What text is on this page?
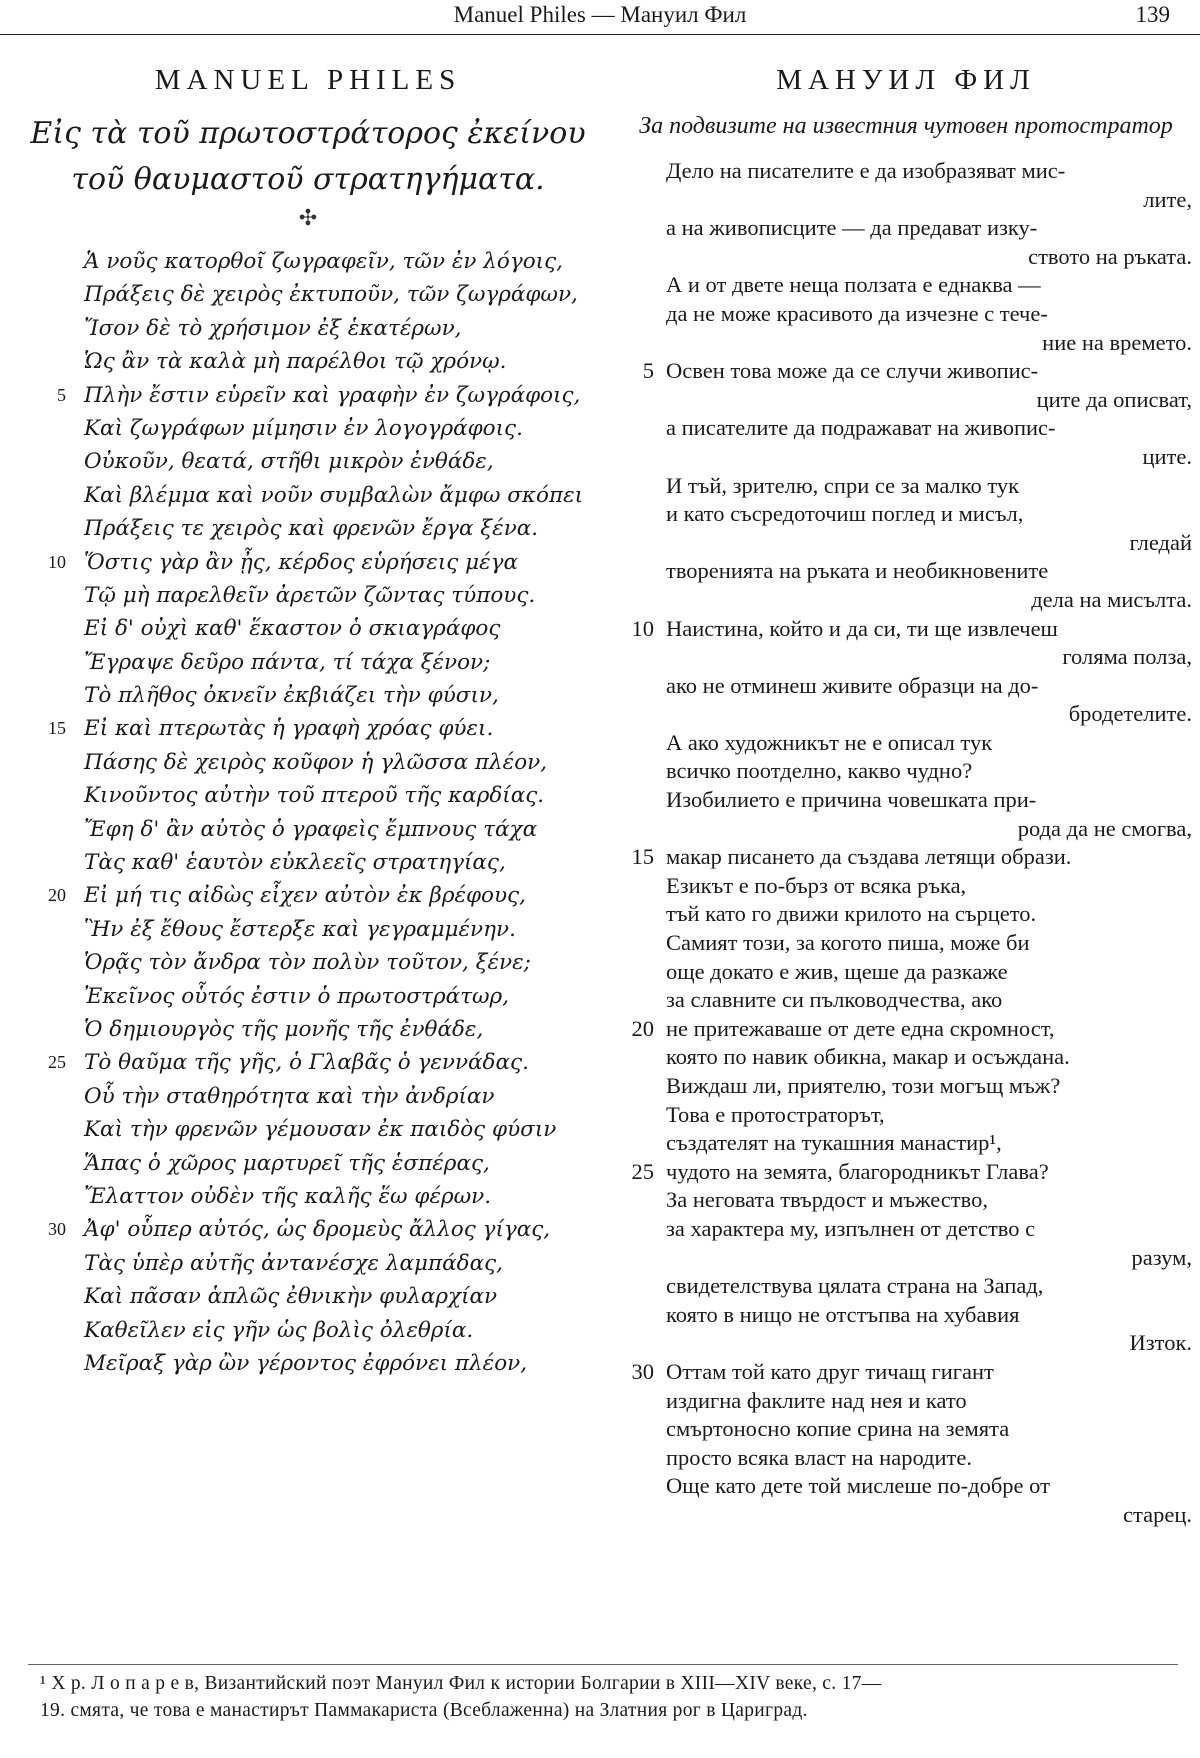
Manuel Philes — Мануил Фил	139
MANUEL PHILES
Εἰς τὰ τοῦ πρωτοστράτορος ἐκείνου
τοῦ θαυμαστοῦ στρατηγήματα.
✣
Ἁ νοῦς κατορθοῖ ζωγραφεῖν, τῶν ἐν λόγοις,
Πράξεις δὲ χειρὸς ἐκτυποῦν, τῶν ζωγράφων,
Ἴσον δὲ τὸ χρήσιμον ἐξ ἑκατέρων,
Ὡς ἂν τὰ καλὰ μὴ παρέλθοι τῷ χρόνῳ.
5 Πλὴν ἔστιν εὑρεῖν καὶ γραφὴν ἐν ζωγράφοις,
Καὶ ζωγράφων μίμησιν ἐν λογογράφοις.
Οὐκοῦν, θεατά, στῆθι μικρὸν ἐνθάδε,
Καὶ βλέμμα καὶ νοῦν συμβαλὼν ἄμφω σκόπει
Πράξεις τε χειρὸς καὶ φρενῶν ἔργα ξένα.
10 Ὅστις γὰρ ἂν ᾖς, κέρδος εὑρήσεις μέγα
Τῷ μὴ παρελθεῖν ἀρετῶν ζῶντας τύπους.
Εἰ δ' οὐχὶ καθ' ἕκαστον ὁ σκιαγράφος
Ἔγραψε δεῦρο πάντα, τί τάχα ξένον;
Τὸ πλῆθος ὀκνεῖν ἐκβιάζει τὴν φύσιν,
15 Εἰ καὶ πτερωτὰς ἡ γραφὴ χρόας φύει.
Πάσης δὲ χειρὸς κοῦφον ἡ γλῶσσα πλέον,
Κινοῦντος αὐτὴν τοῦ πτεροῦ τῆς καρδίας.
Ἔφη δ' ἂν αὐτὸς ὁ γραφεὶς ἔμπνους τάχα
Τὰς καθ' ἑαυτὸν εὐκλεεῖς στρατηγίας,
20 Εἰ μή τις αἰδὼς εἶχεν αὐτὸν ἐκ βρέφους,
Ἣν ἐξ ἔθους ἔστερξε καὶ γεγραμμένην.
Ὁρᾷς τὸν ἄνδρα τὸν πολὺν τοῦτον, ξένε;
Ἐκεῖνος οὗτός ἐστιν ὁ πρωτοστράτωρ,
Ὁ δημιουργὸς τῆς μονῆς τῆς ἐνθάδε,
25 Τὸ θαῦμα τῆς γῆς, ὁ Γλαβᾶς ὁ γεννάδας.
Οὗ τὴν σταθηρότητα καὶ τὴν ἀνδρίαν
Καὶ τὴν φρενῶν γέμουσαν ἐκ παιδὸς φύσιν
Ἅπας ὁ χῶρος μαρτυρεῖ τῆς ἑσπέρας,
Ἔλαττον οὐδὲν τῆς καλῆς ἕω φέρων.
30 Ἀφ' οὗπερ αὐτός, ὡς δρομεὺς ἄλλος γίγας,
Τὰς ὑπὲρ αὐτῆς ἀντανέσχε λαμπάδας,
Καὶ πᾶσαν ἁπλῶς ἐθνικὴν φυλαρχίαν
Καθεῖλεν εἰς γῆν ὡς βολὶς ὀλεθρία.
Μεῖραξ γὰρ ὢν γέροντος ἐφρόνει πλέον,
МАНУИЛ ФИЛ
За подвизите на известния чутовен протостратор
Дело на писателите е да изобразяват мис-
лите,
а на живописците — да предават изку-
ството на ръката.
А и от двете неща ползата е еднаква —
да не може красивото да изчезне с тече-
ние на времето.
5 Освен това може да се случи живопис-
ците да описват,
а писателите да подражават на живопис-
ците.
И тъй, зрителю, спри се за малко тук
и като съсредоточиш поглед и мисъл,
гледай
творенията на ръката и необикновените
дела на мисълта.
10 Наистина, който и да си, ти ще извлечеш
голяма полза,
ако не отминеш живите образци на до-
бродетелите.
А ако художникът не е описал тук
всичко поотделно, какво чудно?
Изобилието е причина човешката при-
рода да не смогва,
15 макар писането да създава летящи образи.
Езикът е по-бърз от всяка ръка,
тъй като го движи крилото на сърцето.
Самият този, за когото пиша, може би
още докато е жив, щеше да разкаже
за славните си пълководчества, ако
20 не притежаваше от дете една скромност,
която по навик обикна, макар и осъждана.
Виждаш ли, приятелю, този могъщ мъж?
Това е протостраторът,
създателят на тукашния манастир¹,
25 чудото на земята, благородникът Глава?
За неговата твърдост и мъжество,
за характера му, изпълнен от детство с
разум,
свидетелствува цялата страна на Запад,
която в нищо не отстъпва на хубавия
Изток.
30 Оттам той като друг тичащ гигант
издигна факлите над нея и като
смъртоносно копие срина на земята
просто всяка власт на народите.
Още като дете той мислеше по-добре от
старец.
¹ Х р. Л о п а р е в, Византийский поэт Мануил Фил к истории Болгарии в XIII—XIV веке, с. 17—
19. смята, че това е манастирът Паммакариста (Всеблаженна) на Златния рог в Цариград.
